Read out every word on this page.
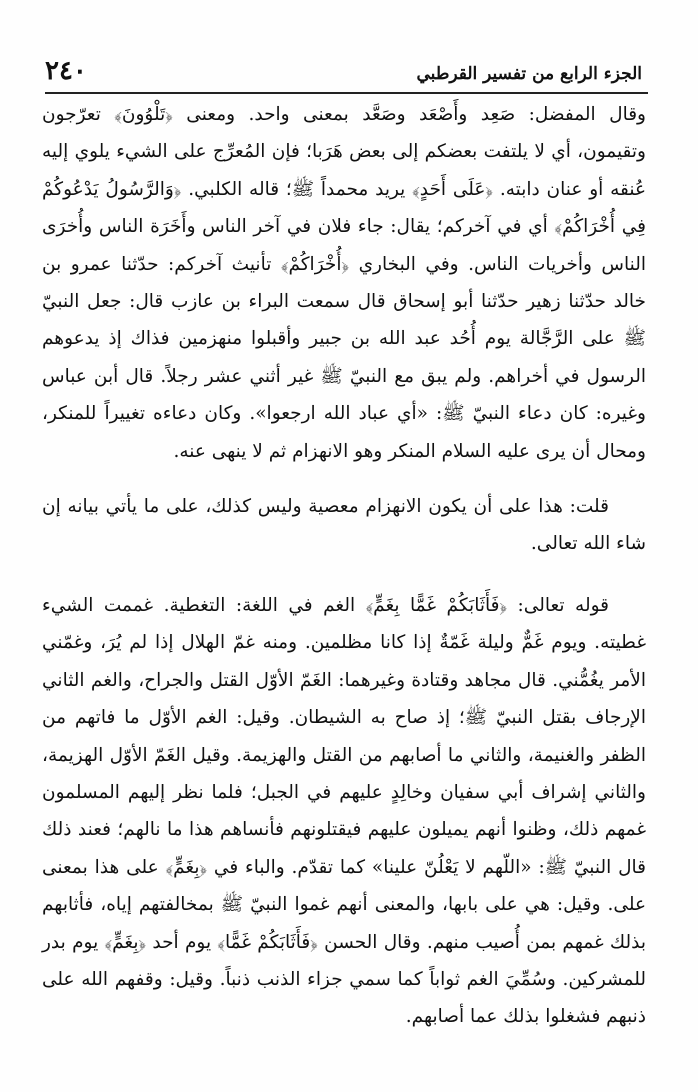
٢٤٠	الجزء الرابع من تفسير القرطبي

وقال المفضل: صَعِد وأَصْعَد وصَعَّد بمعنى واحد. ومعنى ﴿تَلْوُونَ﴾ تعرّجون وتقيمون، أي لا يلتفت بعضكم إلى بعض هَرَبا؛ فإن المُعرِّج على الشيء يلوي إليه عُنقه أو عنان دابته. ﴿عَلَى أَحَدٍ﴾ يريد محمداً ﷺ؛ قاله الكلبي. ﴿وَالرَّسُولُ يَدْعُوكُمْ فِي أُخْرَاكُمْ﴾ أي في آخركم؛ يقال: جاء فلان في آخر الناس وأَخَرَة الناس وأُخرَى الناس وأخريات الناس. وفي البخاري ﴿أُخْرَاكُمْ﴾ تأنيث آخركم: حدّثنا عمرو بن خالد حدّثنا زهير حدّثنا أبو إسحاق قال سمعت البراء بن عازب قال: جعل النبيّ ﷺ على الرَّجَّالة يوم أُحُد عبد الله بن جبير وأقبلوا منهزمين فذاك إذ يدعوهم الرسول في أخراهم. ولم يبق مع النبيّ ﷺ غير أثني عشر رجلاً. قال أبن عباس وغيره: كان دعاء النبيّ ﷺ: «أي عباد الله ارجعوا». وكان دعاءه تغييراً للمنكر، ومحال أن يرى عليه السلام المنكر وهو الانهزام ثم لا ينهى عنه.

قلت: هذا على أن يكون الانهزام معصية وليس كذلك، على ما يأتي بيانه إن شاء الله تعالى.

قوله تعالى: ﴿فَأَثَابَكُمْ غَمًّا بِغَمٍّ﴾ الغم في اللغة: التغطية. غممت الشيء غطيته. ويوم غَمٌّ وليلة غَمّةٌ إذا كانا مظلمين. ومنه غمّ الهلال إذا لم يُرَ، وغمّني الأمر يغُمُّني. قال مجاهد وقتادة وغيرهما: الغَمّ الأوّل القتل والجراح، والغم الثاني الإرجاف بقتل النبيّ ﷺ؛ إذ صاح به الشيطان. وقيل: الغم الأوّل ما فاتهم من الظفر والغنيمة، والثاني ما أصابهم من القتل والهزيمة. وقيل الغَمّ الأوّل الهزيمة، والثاني إشراف أبي سفيان وخالِدٍ عليهم في الجبل؛ فلما نظر إليهم المسلمون غمهم ذلك، وظنوا أنهم يميلون عليهم فيقتلونهم فأنساهم هذا ما نالهم؛ فعند ذلك قال النبيّ ﷺ: «اللّهم لا يَعْلُنّ علينا» كما تقدّم. والباء في ﴿بِغَمٍّ﴾ على هذا بمعنى على. وقيل: هي على بابها، والمعنى أنهم غموا النبيّ ﷺ بمخالفتهم إياه، فأثابهم بذلك غمهم بمن أُصيب منهم. وقال الحسن ﴿فَأَثَابَكُمْ غَمًّا﴾ يوم أحد ﴿بِغَمٍّ﴾ يوم بدر للمشركين. وسُمِّيَ الغم ثواباً كما سمي جزاء الذنب ذنباً. وقيل: وقفهم الله على ذنبهم فشغلوا بذلك عما أصابهم.
